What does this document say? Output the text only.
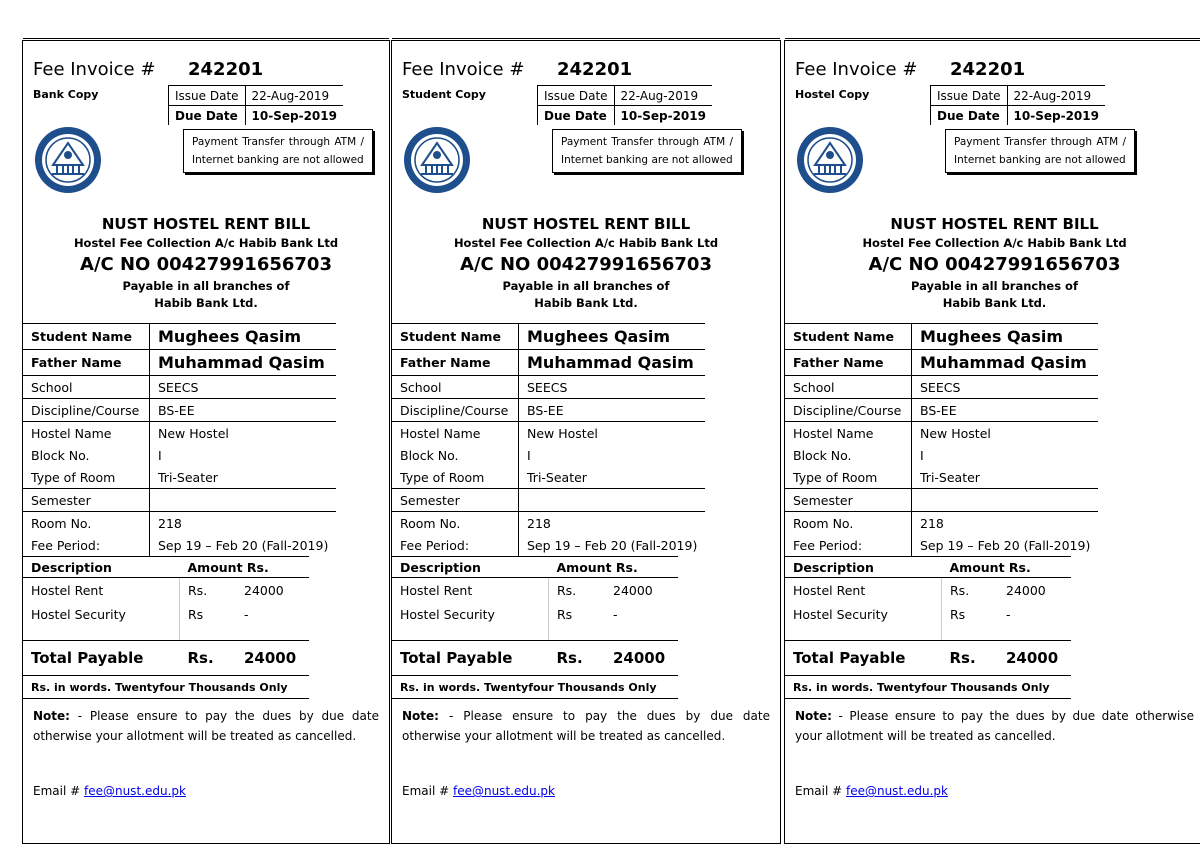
Fee Invoice # 242201
Bank Copy	Issue Date	22-Aug-2019
Due Date	10-Sep-2019
Payment Transfer through ATM / Internet banking are not allowed
NUST HOSTEL RENT BILL
Hostel Fee Collection A/c Habib Bank Ltd
A/C NO 00427991656703
Payable in all branches of
Habib Bank Ltd.
Student Name	Mughees Qasim
Father Name	Muhammad Qasim
School	SEECS
Discipline/Course	BS-EE
Hostel Name	New Hostel
Block No.	I
Type of Room	Tri-Seater
Semester	
Room No.	218
Fee Period:	Sep 19 – Feb 20 (Fall-2019)
Description	Amount Rs.	
Hostel Rent	Rs.	24000
Hostel Security	Rs	-

Total Payable	Rs.	24000
Rs. in words. Twentyfour Thousands Only		
Note: - Please ensure to pay the dues by due date otherwise your allotment will be treated as cancelled.
Email # fee@nust.edu.pk
Fee Invoice # 242201
Student Copy	Issue Date	22-Aug-2019
Due Date	10-Sep-2019
Payment Transfer through ATM / Internet banking are not allowed
NUST HOSTEL RENT BILL
Hostel Fee Collection A/c Habib Bank Ltd
A/C NO 00427991656703
Payable in all branches of
Habib Bank Ltd.
Student Name	Mughees Qasim
Father Name	Muhammad Qasim
School	SEECS
Discipline/Course	BS-EE
Hostel Name	New Hostel
Block No.	I
Type of Room	Tri-Seater
Semester	
Room No.	218
Fee Period:	Sep 19 – Feb 20 (Fall-2019)
Description	Amount Rs.	
Hostel Rent	Rs.	24000
Hostel Security	Rs	-

Total Payable	Rs.	24000
Rs. in words. Twentyfour Thousands Only		
Note: - Please ensure to pay the dues by due date otherwise your allotment will be treated as cancelled.
Email # fee@nust.edu.pk
Fee Invoice # 242201
Hostel Copy	Issue Date	22-Aug-2019
Due Date	10-Sep-2019
Payment Transfer through ATM / Internet banking are not allowed
NUST HOSTEL RENT BILL
Hostel Fee Collection A/c Habib Bank Ltd
A/C NO 00427991656703
Payable in all branches of
Habib Bank Ltd.
Student Name	Mughees Qasim
Father Name	Muhammad Qasim
School	SEECS
Discipline/Course	BS-EE
Hostel Name	New Hostel
Block No.	I
Type of Room	Tri-Seater
Semester	
Room No.	218
Fee Period:	Sep 19 – Feb 20 (Fall-2019)
Description	Amount Rs.	
Hostel Rent	Rs.	24000
Hostel Security	Rs	-

Total Payable	Rs.	24000
Rs. in words. Twentyfour Thousands Only		
Note: - Please ensure to pay the dues by due date otherwise your allotment will be treated as cancelled.
Email # fee@nust.edu.pk
